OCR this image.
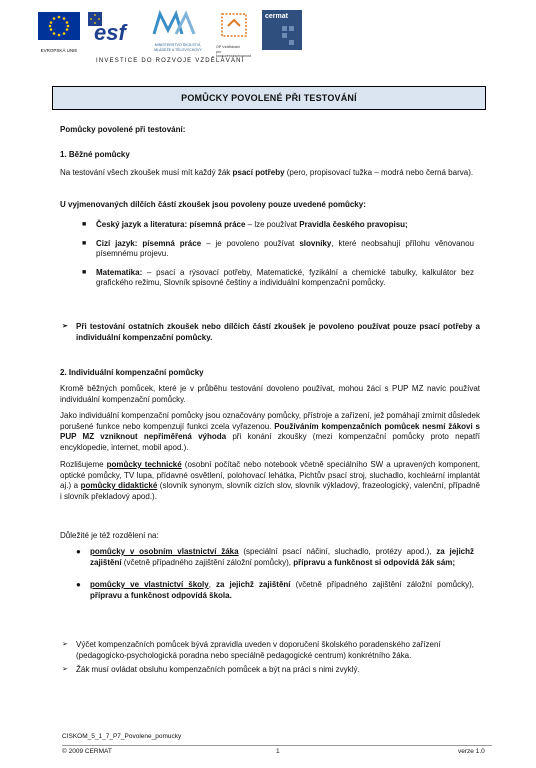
EVROPSKÁ UNIE
esf	MINISTERSTVO ŠKOLSTVÍ,
MLÁDEŽE A TĚLOVÝCHOVY
OP Vzdělávání
pro konkurenceschopnost
cermat
INVESTICE DO ROZVOJE VZDĚLÁVÁNÍ
POMŮCKY POVOLENÉ PŘI TESTOVÁNÍ
Pomůcky povolené při testování:
1. Běžné pomůcky

Na testování všech zkoušek musí mít každý žák psací potřeby (pero, propisovací tužka – modrá nebo černá barva).

U vyjmenovaných dílčích částí zkoušek jsou povoleny pouze uvedené pomůcky:
■ Český jazyk a literatura: písemná práce – lze používat Pravidla českého pravopisu;
■ Cizí jazyk: písemná práce – je povoleno používat slovníky, které neobsahují přílohu věnovanou písemnému projevu.
■ Matematika: – psací a rýsovací potřeby, Matematické, fyzikální a chemické tabulky, kalkulátor bez grafického režimu, Slovník spisovné češtiny a individuální kompenzační pomůcky.
➢ Při testování ostatních zkoušek nebo dílčích částí zkoušek je povoleno používat pouze psací potřeby a individuální kompenzační pomůcky.
2. Individuální kompenzační pomůcky

Kromě běžných pomůcek, které je v průběhu testování dovoleno používat, mohou žáci s PUP MZ navíc používat individuální kompenzační pomůcky.

Jako individuální kompenzační pomůcky jsou označovány pomůcky, přístroje a zařízení, jež pomáhají zmírnit důsledek porušené funkce nebo kompenzují funkci zcela vyřazenou. Používáním kompenzačních pomůcek nesmí žákovi s PUP MZ vzniknout nepřiměřená výhoda při konání zkoušky (mezi kompenzační pomůcky proto nepatří encyklopedie, internet, mobil apod.).

Rozlišujeme pomůcky technické (osobní počítač nebo notebook včetně speciálního SW a upravených komponent, optické pomůcky, TV lupa, přídavné osvětlení, polohovací lehátka, Pichtův psací stroj, sluchadlo, kochleární implantát aj.) a pomůcky didaktické (slovník synonym, slovník cizích slov, slovník výkladový, frazeologický, valenční, případně i slovník překladový apod.).

Důležité je též rozdělení na:

● pomůcky v osobním vlastnictví žáka (speciální psací náčiní, sluchadlo, protézy apod.), za jejichž zajištění (včetně případného zajištění záložní pomůcky), přípravu a funkčnost si odpovídá žák sám;
● pomůcky ve vlastnictví školy, za jejichž zajištění (včetně případného zajištění záložní pomůcky), přípravu a funkčnost odpovídá škola.
➢ Výčet kompenzačních pomůcek bývá zpravidla uveden v doporučení školského poradenského zařízení (pedagogicko-psychologická poradna nebo speciálně pedagogické centrum) konkrétního žáka.
➢ Žák musí ovládat obsluhu kompenzačních pomůcek a být na práci s nimi zvyklý.
CISKOM_5_1_7_P7_Povolene_pomucky
© 2009 CERMAT	1	verze 1.0
